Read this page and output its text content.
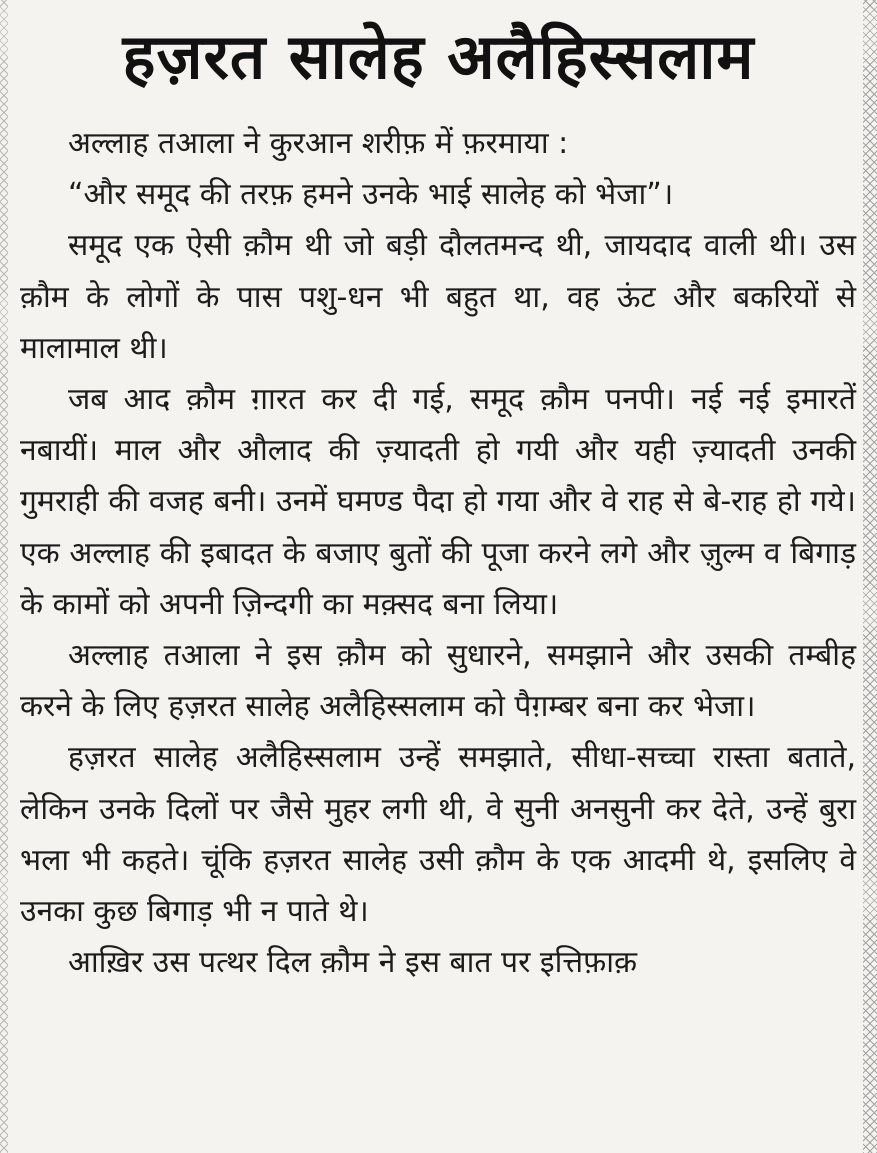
हज़रत सालेह अलैहिस्सलाम

अल्लाह तआला ने कुरआन शरीफ़ में फ़रमाया :

“और समूद की तरफ़ हमने उनके भाई सालेह को भेजा”।

समूद एक ऐसी क़ौम थी जो बड़ी दौलतमन्द थी, जायदाद वाली थी। उस क़ौम के लोगों के पास पशु-धन भी बहुत था, वह ऊंट और बकरियों से मालामाल थी।

जब आद क़ौम ग़ारत कर दी गई, समूद क़ौम पनपी। नई नई इमारतें नबायीं। माल और औलाद की ज़्यादती हो गयी और यही ज़्यादती उनकी गुमराही की वजह बनी। उनमें घमण्ड पैदा हो गया और वे राह से बे-राह हो गये। एक अल्लाह की इबादत के बजाए बुतों की पूजा करने लगे और ज़ुल्म व बिगाड़ के कामों को अपनी ज़िन्दगी का मक़्सद बना लिया।

अल्लाह तआला ने इस क़ौम को सुधारने, समझाने और उसकी तम्बीह करने के लिए हज़रत सालेह अलैहिस्सलाम को पैग़म्बर बना कर भेजा।

हज़रत सालेह अलैहिस्सलाम उन्हें समझाते, सीधा-सच्चा रास्ता बताते, लेकिन उनके दिलों पर जैसे मुहर लगी थी, वे सुनी अनसुनी कर देते, उन्हें बुरा भला भी कहते। चूंकि हज़रत सालेह उसी क़ौम के एक आदमी थे, इसलिए वे उनका कुछ बिगाड़ भी न पाते थे।

आख़िर उस पत्थर दिल क़ौम ने इस बात पर इत्तिफ़ाक़
